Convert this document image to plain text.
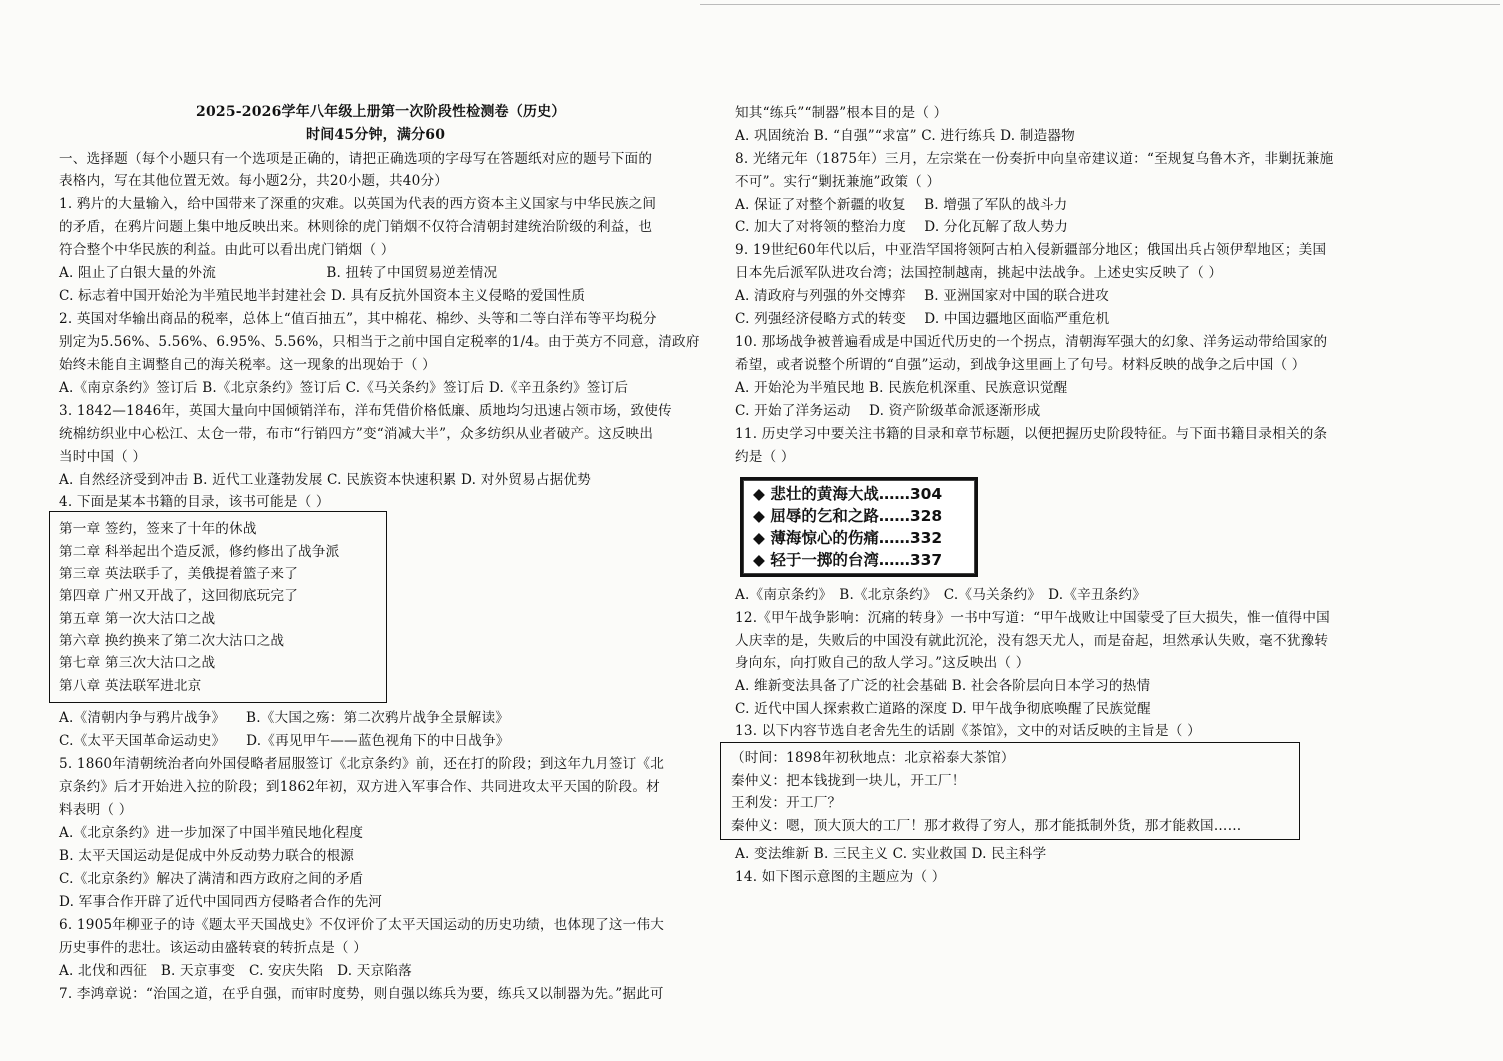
2025-2026学年八年级上册第一次阶段性检测卷（历史）
时间45分钟，满分60
一、选择题（每个小题只有一个选项是正确的，请把正确选项的字母写在答题纸对应的题号下面的
表格内，写在其他位置无效。每小题2分，共20小题，共40分）
1. 鸦片的大量输入，给中国带来了深重的灾难。以英国为代表的西方资本主义国家与中华民族之间
的矛盾，在鸦片问题上集中地反映出来。林则徐的虎门销烟不仅符合清朝封建统治阶级的利益，也
符合整个中华民族的利益。由此可以看出虎门销烟（ ）
A. 阻止了白银大量的外流　　　　　　　　B. 扭转了中国贸易逆差情况
C. 标志着中国开始沦为半殖民地半封建社会 D. 具有反抗外国资本主义侵略的爱国性质
2. 英国对华输出商品的税率，总体上“值百抽五”，其中棉花、棉纱、头等和二等白洋布等平均税分
别定为5.56%、5.56%、6.95%、5.56%，只相当于之前中国自定税率的1/4。由于英方不同意，清政府
始终未能自主调整自己的海关税率。这一现象的出现始于（ ）
A.《南京条约》签订后 B.《北京条约》签订后 C.《马关条约》签订后 D.《辛丑条约》签订后
3. 1842—1846年，英国大量向中国倾销洋布，洋布凭借价格低廉、质地均匀迅速占领市场，致使传
统棉纺织业中心松江、太仓一带，布市“行销四方”变“消减大半”，众多纺织从业者破产。这反映出
当时中国（ ）
A. 自然经济受到冲击 B. 近代工业蓬勃发展 C. 民族资本快速积累 D. 对外贸易占据优势
4. 下面是某本书籍的目录，该书可能是（ ）
第一章 签约，签来了十年的休战
第二章 科举起出个造反派，修约修出了战争派
第三章 英法联手了，美俄提着篮子来了
第四章 广州又开战了，这回彻底玩完了
第五章 第一次大沽口之战
第六章 换约换来了第二次大沽口之战
第七章 第三次大沽口之战
第八章 英法联军进北京
A.《清朝内争与鸦片战争》　　B.《大国之殇：第二次鸦片战争全景解读》
C.《太平天国革命运动史》　　D.《再见甲午——蓝色视角下的中日战争》
5. 1860年清朝统治者向外国侵略者屈服签订《北京条约》前，还在打的阶段；到这年九月签订《北
京条约》后才开始进入拉的阶段；到1862年初，双方进入军事合作、共同进攻太平天国的阶段。材
料表明（ ）
A.《北京条约》进一步加深了中国半殖民地化程度
B. 太平天国运动是促成中外反动势力联合的根源
C.《北京条约》解决了满清和西方政府之间的矛盾
D. 军事合作开辟了近代中国同西方侵略者合作的先河
6. 1905年柳亚子的诗《题太平天国战史》不仅评价了太平天国运动的历史功绩，也体现了这一伟大
历史事件的悲壮。该运动由盛转衰的转折点是（ ）
A. 北伐和西征　B. 天京事变　C. 安庆失陷　D. 天京陷落
7. 李鸿章说：“治国之道，在乎自强，而审时度势，则自强以练兵为要，练兵又以制器为先。”据此可
知其“练兵”“制器”根本目的是（ ）
A. 巩固统治 B. “自强”“求富” C. 进行练兵 D. 制造器物
8. 光绪元年（1875年）三月，左宗棠在一份奏折中向皇帝建议道：“至规复乌鲁木齐，非剿抚兼施
不可”。实行“剿抚兼施”政策（ ）
A. 保证了对整个新疆的收复　 B. 增强了军队的战斗力
C. 加大了对将领的整治力度　 D. 分化瓦解了敌人势力
9. 19世纪60年代以后，中亚浩罕国将领阿古柏入侵新疆部分地区；俄国出兵占领伊犁地区；美国
日本先后派军队进攻台湾；法国控制越南，挑起中法战争。上述史实反映了（ ）
A. 清政府与列强的外交博弈　 B. 亚洲国家对中国的联合进攻
C. 列强经济侵略方式的转变　 D. 中国边疆地区面临严重危机
10. 那场战争被普遍看成是中国近代历史的一个拐点，清朝海军强大的幻象、洋务运动带给国家的
希望，或者说整个所谓的“自强”运动，到战争这里画上了句号。材料反映的战争之后中国（ ）
A. 开始沦为半殖民地 B. 民族危机深重、民族意识觉醒
C. 开始了洋务运动　 D. 资产阶级革命派逐渐形成
11. 历史学习中要关注书籍的目录和章节标题，以便把握历史阶段特征。与下面书籍目录相关的条
约是（ ）
◆ 悲壮的黄海大战……304
◆ 屈辱的乞和之路……328
◆ 薄海惊心的伤痛……332
◆ 轻于一掷的台湾……337
A.《南京条约》　B.《北京条约》　C.《马关条约》　D.《辛丑条约》
12.《甲午战争影响：沉痛的转身》一书中写道：“甲午战败让中国蒙受了巨大损失，惟一值得中国
人庆幸的是，失败后的中国没有就此沉沦，没有怨天尤人，而是奋起，坦然承认失败，毫不犹豫转
身向东，向打败自己的敌人学习。”这反映出（ ）
A. 维新变法具备了广泛的社会基础 B. 社会各阶层向日本学习的热情
C. 近代中国人探索救亡道路的深度 D. 甲午战争彻底唤醒了民族觉醒
13. 以下内容节选自老舍先生的话剧《茶馆》，文中的对话反映的主旨是（ ）
（时间：1898年初秋地点：北京裕泰大茶馆）
秦仲义：把本钱拢到一块儿，开工厂！
王利发：开工厂？
秦仲义：嗯，顶大顶大的工厂！那才救得了穷人，那才能抵制外货，那才能救国……
A. 变法维新 B. 三民主义 C. 实业救国 D. 民主科学
14. 如下图示意图的主题应为（ ）
